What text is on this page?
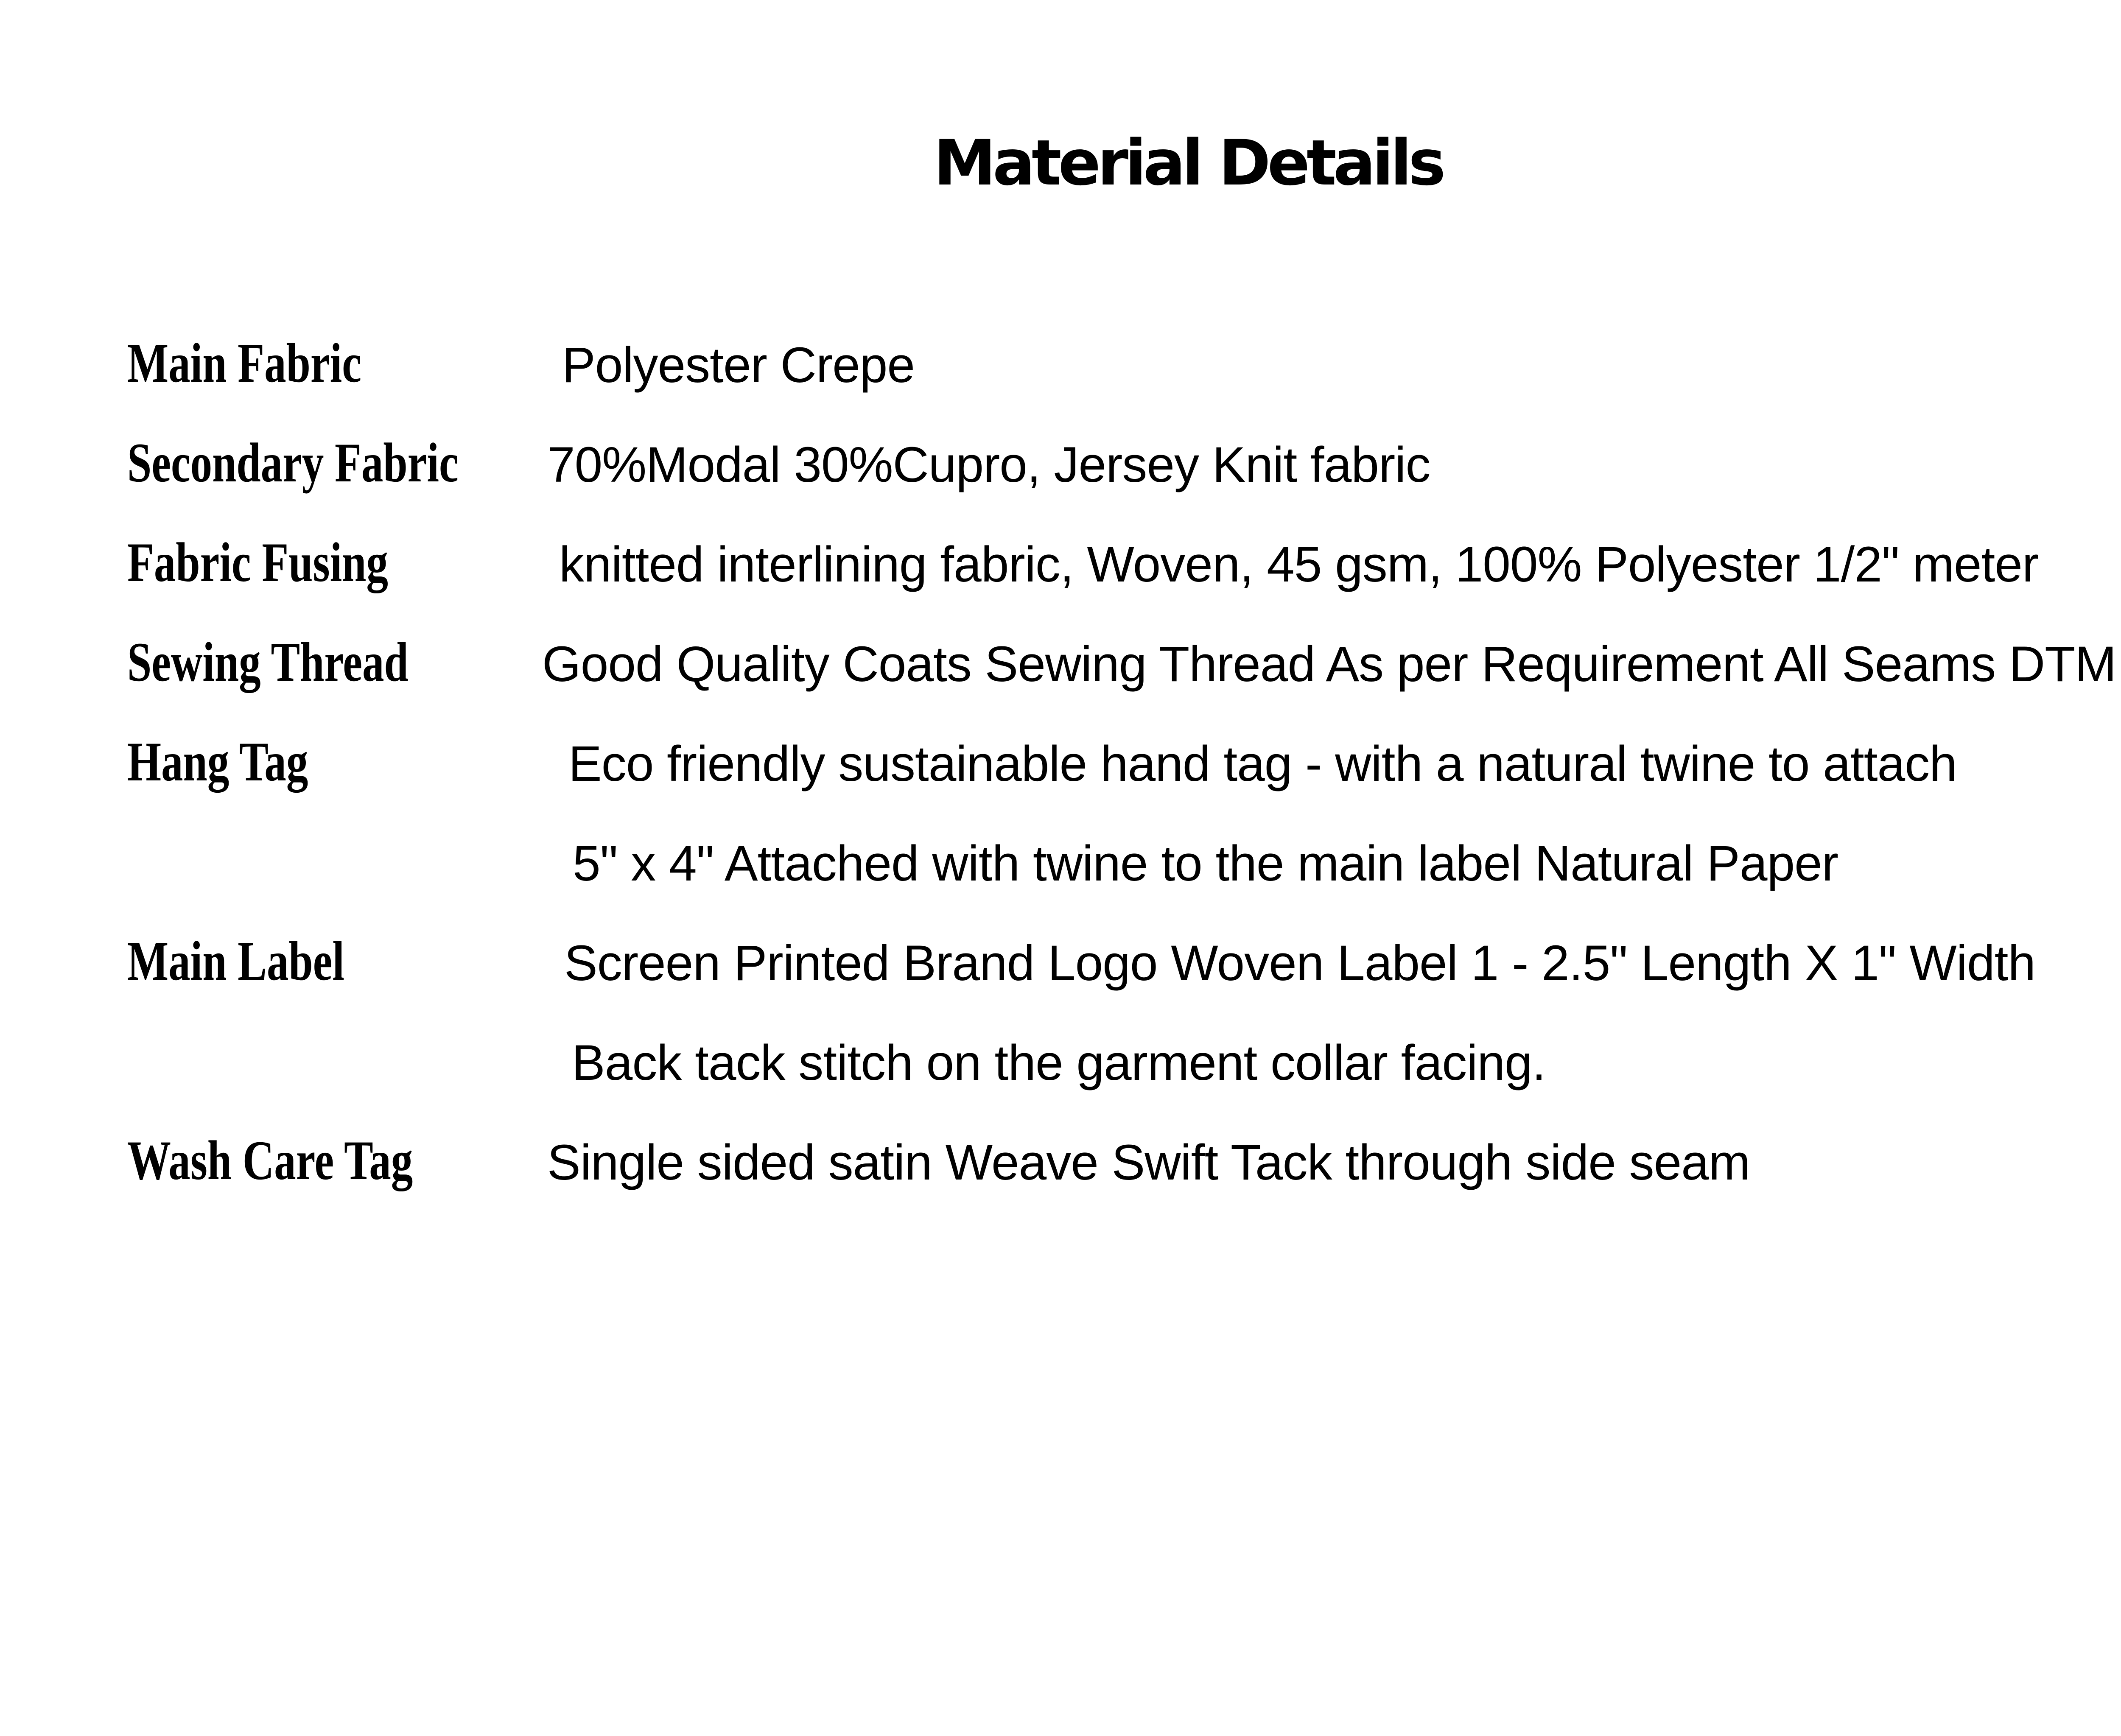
Material Details
Main Fabric	Polyester Crepe
Secondary Fabric 70%Modal 30%Cupro, Jersey Knit fabric
Fabric Fusing	knitted interlining fabric, Woven, 45 gsm, 100% Polyester 1/2" meter
Sewing Thread	Good Quality Coats Sewing Thread As per Requirement All Seams DTM
Hang Tag	Eco friendly sustainable hand tag - with a natural twine to attach
5" x 4" Attached with twine to the main label Natural Paper
Main Label	Screen Printed Brand Logo Woven Label 1 - 2.5" Length X 1" Width
Back tack stitch on the garment collar facing.
Wash Care Tag	Single sided satin Weave Swift Tack through side seam
